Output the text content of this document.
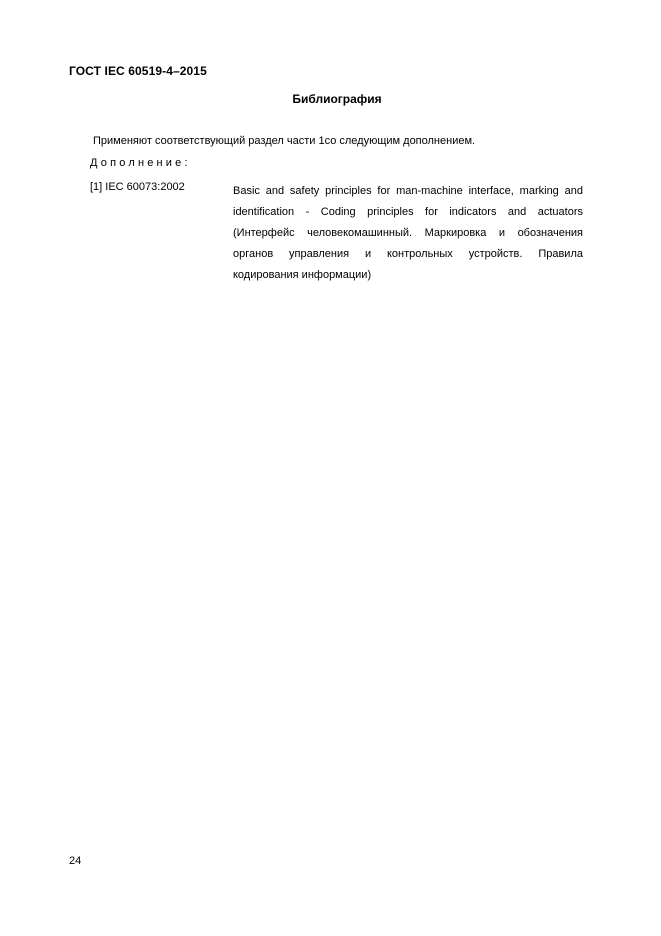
ГОСТ IEC 60519-4–2015
Библиография
Применяют соответствующий раздел части 1со следующим дополнением.
Дополнение:
[1] IEC 60073:2002	Basic and safety principles for man-machine interface, marking and identification - Coding principles for indicators and actuators (Интерфейс человекомашинный. Маркировка и обозначения органов управления и контрольных устройств. Правила кодирования информации)
24
